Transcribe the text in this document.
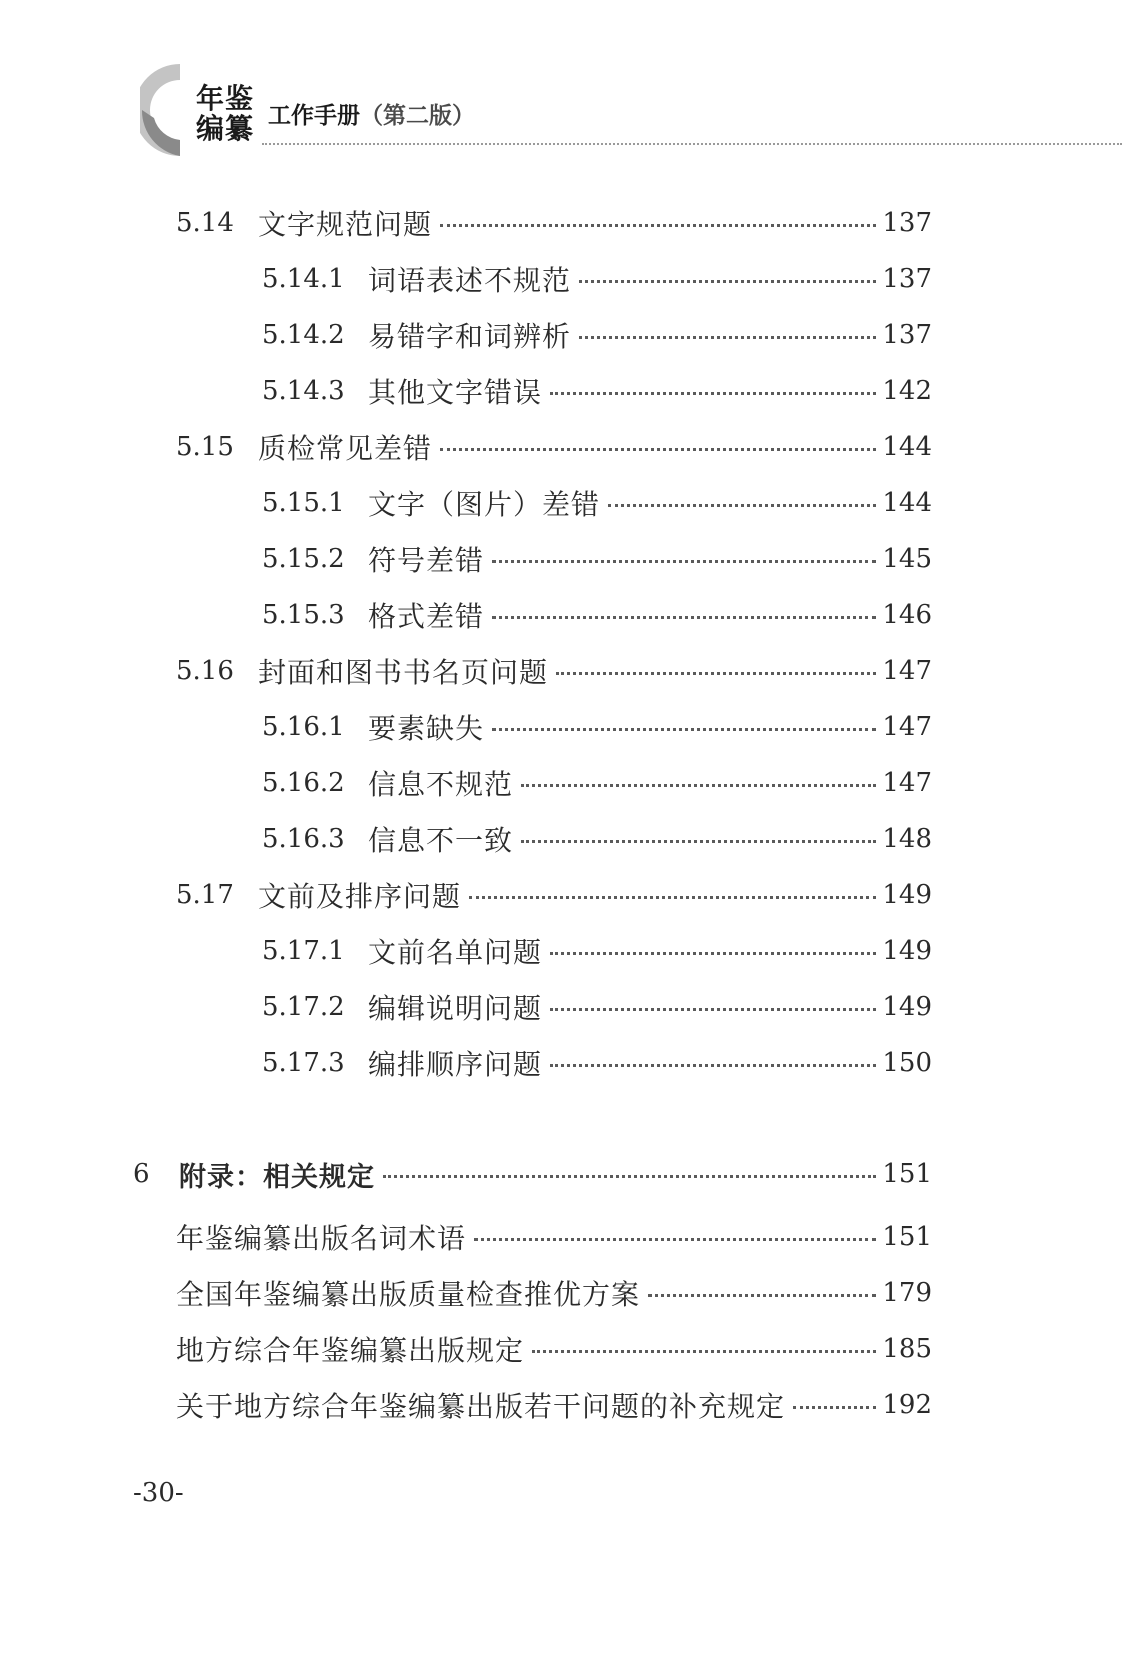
年鉴
编纂 工作手册（第二版）
5.14 文字规范问题	137
5.14.1 词语表述不规范	137
5.14.2 易错字和词辨析	137
5.14.3 其他文字错误	142
5.15 质检常见差错	144
5.15.1 文字（图片）差错	144
5.15.2 符号差错	145
5.15.3 格式差错	146
5.16 封面和图书书名页问题	147
5.16.1 要素缺失	147
5.16.2 信息不规范	147
5.16.3 信息不一致	148
5.17 文前及排序问题	149
5.17.1 文前名单问题	149
5.17.2 编辑说明问题	149
5.17.3 编排顺序问题	150
6	附录：相关规定	151
年鉴编纂出版名词术语	151
全国年鉴编纂出版质量检查推优方案	179
地方综合年鉴编纂出版规定	185
关于地方综合年鉴编纂出版若干问题的补充规定	192
-30-
